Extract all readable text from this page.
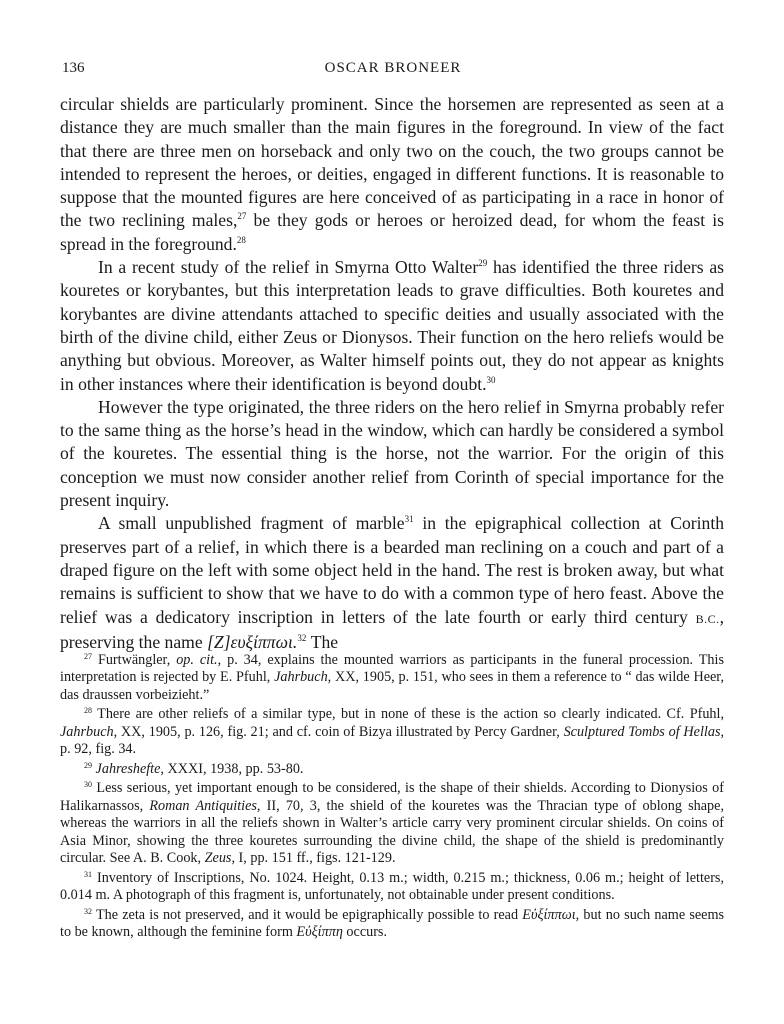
136	OSCAR BRONEER

circular shields are particularly prominent. Since the horsemen are represented as seen at a distance they are much smaller than the main figures in the foreground. In view of the fact that there are three men on horseback and only two on the couch, the two groups cannot be intended to represent the heroes, or deities, engaged in different functions. It is reasonable to suppose that the mounted figures are here conceived of as participating in a race in honor of the two reclining males,$^{27}$ be they gods or heroes or heroized dead, for whom the feast is spread in the foreground.$^{28}$

In a recent study of the relief in Smyrna Otto Walter$^{29}$ has identified the three riders as kouretes or korybantes, but this interpretation leads to grave difficulties. Both kouretes and korybantes are divine attendants attached to specific deities and usually associated with the birth of the divine child, either Zeus or Dionysos. Their function on the hero reliefs would be anything but obvious. Moreover, as Walter himself points out, they do not appear as knights in other instances where their identification is beyond doubt.$^{30}$

However the type originated, the three riders on the hero relief in Smyrna probably refer to the same thing as the horse’s head in the window, which can hardly be considered a symbol of the kouretes. The essential thing is the horse, not the warrior. For the origin of this conception we must now consider another relief from Corinth of special importance for the present inquiry.

A small unpublished fragment of marble$^{31}$ in the epigraphical collection at Corinth preserves part of a relief, in which there is a bearded man reclining on a couch and part of a draped figure on the left with some object held in the hand. The rest is broken away, but what remains is sufficient to show that we have to do with a common type of hero feast. Above the relief was a dedicatory inscription in letters of the late fourth or early third century B.C., preserving the name [Ζ]ευξίππωι.$^{32}$ The

$^{27}$ Furtwängler, op. cit., p. 34, explains the mounted warriors as participants in the funeral procession. This interpretation is rejected by E. Pfuhl, Jahrbuch, XX, 1905, p. 151, who sees in them a reference to “ das wilde Heer, das draussen vorbeizieht.”

$^{28}$ There are other reliefs of a similar type, but in none of these is the action so clearly indicated. Cf. Pfuhl, Jahrbuch, XX, 1905, p. 126, fig. 21; and cf. coin of Bizya illustrated by Percy Gardner, Sculptured Tombs of Hellas, p. 92, fig. 34.

$^{29}$ Jahreshefte, XXXI, 1938, pp. 53-80.

$^{30}$ Less serious, yet important enough to be considered, is the shape of their shields. According to Dionysios of Halikarnassos, Roman Antiquities, II, 70, 3, the shield of the kouretes was the Thracian type of oblong shape, whereas the warriors in all the reliefs shown in Walter’s article carry very prominent circular shields. On coins of Asia Minor, showing the three kouretes surrounding the divine child, the shape of the shield is predominantly circular. See A. B. Cook, Zeus, I, pp. 151 ff., figs. 121-129.

$^{31}$ Inventory of Inscriptions, No. 1024. Height, 0.13 m.; width, 0.215 m.; thickness, 0.06 m.; height of letters, 0.014 m. A photograph of this fragment is, unfortunately, not obtainable under present conditions.

$^{32}$ The zeta is not preserved, and it would be epigraphically possible to read Εὐξίππωι, but no such name seems to be known, although the feminine form Εὐξίππη occurs.
